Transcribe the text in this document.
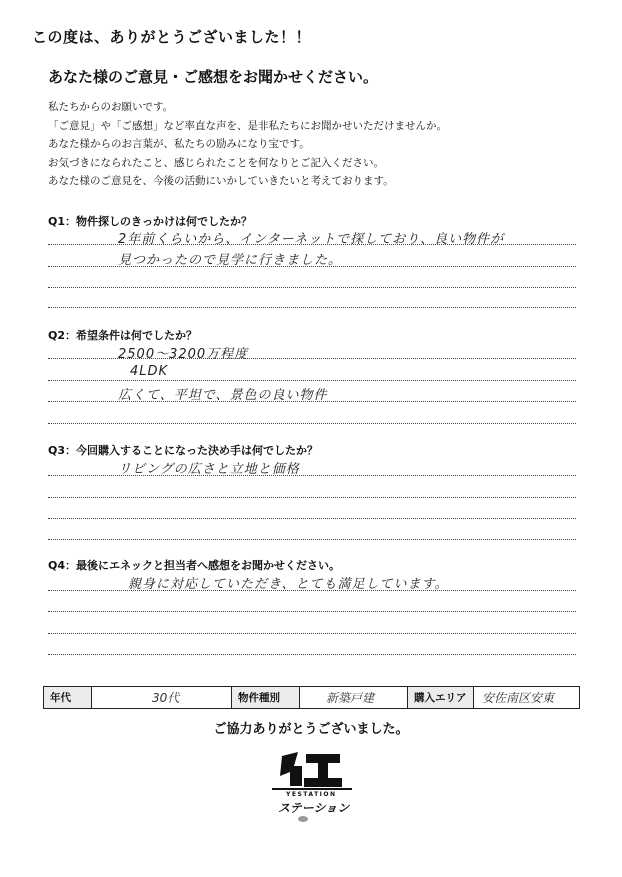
この度は、ありがとうございました！！
あなた様のご意見・ご感想をお聞かせください。
私たちからのお願いです。
「ご意見」や「ご感想」など率直な声を、是非私たちにお聞かせいただけませんか。
あなた様からのお言葉が、私たちの励みになり宝です。
お気づきになられたこと、感じられたことを何なりとご記入ください。
あなた様のご意見を、今後の活動にいかしていきたいと考えております。
Q1：物件探しのきっかけは何でしたか？
2年前くらいから、インターネットで探しており、良い物件が
見つかったので見学に行きました。
Q2：希望条件は何でしたか？
2500～3200万程度
4LDK
広くて、平坦で、景色の良い物件
Q3：今回購入することになった決め手は何でしたか？
リビングの広さと立地と価格
Q4：最後にエネックと担当者へ感想をお聞かせください。
親身に対応していただき、とても満足しています。
年代	30代	物件種別	新築戸建	購入エリア	安佐南区安東
ご協力ありがとうございました。
YESTATION
ステーション
